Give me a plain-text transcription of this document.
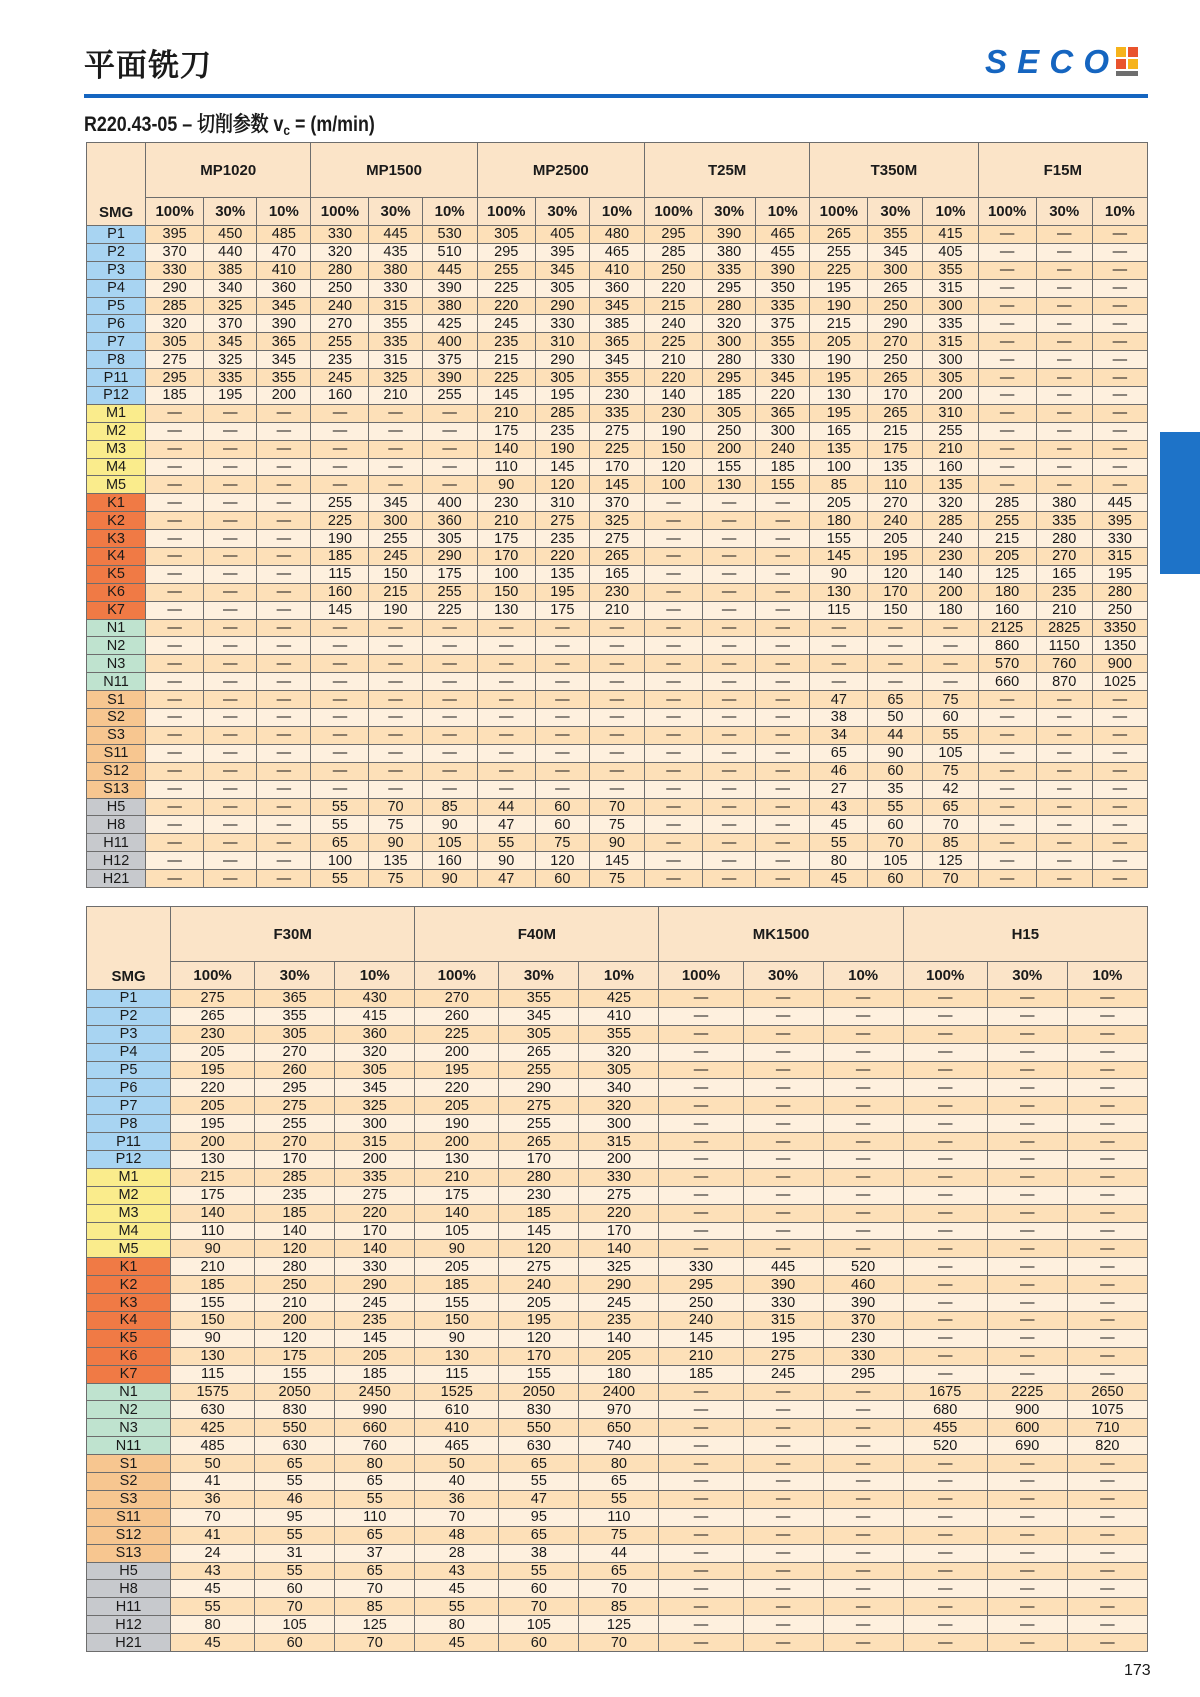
平面铣刀	SECO
R220.43-05 – 切削参数 $v_c = (m/\min)$
SMG	MP1020			MP1500			MP2500			T25M			T350M			F15M		
	100%	30%	10%	100%	30%	10%	100%	30%	10%	100%	30%	10%	100%	30%	10%	100%	30%	10%
P1	395	450	485	330	445	530	305	405	480	295	390	465	265	355	415	—	—	—
P2	370	440	470	320	435	510	295	395	465	285	380	455	255	345	405	—	—	—
P3	330	385	410	280	380	445	255	345	410	250	335	390	225	300	355	—	—	—
P4	290	340	360	250	330	390	225	305	360	220	295	350	195	265	315	—	—	—
P5	285	325	345	240	315	380	220	290	345	215	280	335	190	250	300	—	—	—
P6	320	370	390	270	355	425	245	330	385	240	320	375	215	290	335	—	—	—
P7	305	345	365	255	335	400	235	310	365	225	300	355	205	270	315	—	—	—
P8	275	325	345	235	315	375	215	290	345	210	280	330	190	250	300	—	—	—
P11	295	335	355	245	325	390	225	305	355	220	295	345	195	265	305	—	—	—
P12	185	195	200	160	210	255	145	195	230	140	185	220	130	170	200	—	—	—
M1	—	—	—	—	—	—	210	285	335	230	305	365	195	265	310	—	—	—
M2	—	—	—	—	—	—	175	235	275	190	250	300	165	215	255	—	—	—
M3	—	—	—	—	—	—	140	190	225	150	200	240	135	175	210	—	—	—
M4	—	—	—	—	—	—	110	145	170	120	155	185	100	135	160	—	—	—
M5	—	—	—	—	—	—	90	120	145	100	130	155	85	110	135	—	—	—
K1	—	—	—	255	345	400	230	310	370	—	—	—	205	270	320	285	380	445
K2	—	—	—	225	300	360	210	275	325	—	—	—	180	240	285	255	335	395
K3	—	—	—	190	255	305	175	235	275	—	—	—	155	205	240	215	280	330
K4	—	—	—	185	245	290	170	220	265	—	—	—	145	195	230	205	270	315
K5	—	—	—	115	150	175	100	135	165	—	—	—	90	120	140	125	165	195
K6	—	—	—	160	215	255	150	195	230	—	—	—	130	170	200	180	235	280
K7	—	—	—	145	190	225	130	175	210	—	—	—	115	150	180	160	210	250
N1	—	—	—	—	—	—	—	—	—	—	—	—	—	—	—	2125	2825	3350
N2	—	—	—	—	—	—	—	—	—	—	—	—	—	—	—	860	1150	1350
N3	—	—	—	—	—	—	—	—	—	—	—	—	—	—	—	570	760	900
N11	—	—	—	—	—	—	—	—	—	—	—	—	—	—	—	660	870	1025
S1	—	—	—	—	—	—	—	—	—	—	—	—	47	65	75	—	—	—
S2	—	—	—	—	—	—	—	—	—	—	—	—	38	50	60	—	—	—
S3	—	—	—	—	—	—	—	—	—	—	—	—	34	44	55	—	—	—
S11	—	—	—	—	—	—	—	—	—	—	—	—	65	90	105	—	—	—
S12	—	—	—	—	—	—	—	—	—	—	—	—	46	60	75	—	—	—
S13	—	—	—	—	—	—	—	—	—	—	—	—	27	35	42	—	—	—
H5	—	—	—	55	70	85	44	60	70	—	—	—	43	55	65	—	—	—
H8	—	—	—	55	75	90	47	60	75	—	—	—	45	60	70	—	—	—
H11	—	—	—	65	90	105	55	75	90	—	—	—	55	70	85	—	—	—
H12	—	—	—	100	135	160	90	120	145	—	—	—	80	105	125	—	—	—
H21	—	—	—	55	75	90	47	60	75	—	—	—	45	60	70	—	—	—
SMG	F30M			F40M			MK1500			H15		
	100%	30%	10%	100%	30%	10%	100%	30%	10%	100%	30%	10%
P1	275	365	430	270	355	425	—	—	—	—	—	—
P2	265	355	415	260	345	410	—	—	—	—	—	—
P3	230	305	360	225	305	355	—	—	—	—	—	—
P4	205	270	320	200	265	320	—	—	—	—	—	—
P5	195	260	305	195	255	305	—	—	—	—	—	—
P6	220	295	345	220	290	340	—	—	—	—	—	—
P7	205	275	325	205	275	320	—	—	—	—	—	—
P8	195	255	300	190	255	300	—	—	—	—	—	—
P11	200	270	315	200	265	315	—	—	—	—	—	—
P12	130	170	200	130	170	200	—	—	—	—	—	—
M1	215	285	335	210	280	330	—	—	—	—	—	—
M2	175	235	275	175	230	275	—	—	—	—	—	—
M3	140	185	220	140	185	220	—	—	—	—	—	—
M4	110	140	170	105	145	170	—	—	—	—	—	—
M5	90	120	140	90	120	140	—	—	—	—	—	—
K1	210	280	330	205	275	325	330	445	520	—	—	—
K2	185	250	290	185	240	290	295	390	460	—	—	—
K3	155	210	245	155	205	245	250	330	390	—	—	—
K4	150	200	235	150	195	235	240	315	370	—	—	—
K5	90	120	145	90	120	140	145	195	230	—	—	—
K6	130	175	205	130	170	205	210	275	330	—	—	—
K7	115	155	185	115	155	180	185	245	295	—	—	—
N1	1575	2050	2450	1525	2050	2400	—	—	—	1675	2225	2650
N2	630	830	990	610	830	970	—	—	—	680	900	1075
N3	425	550	660	410	550	650	—	—	—	455	600	710
N11	485	630	760	465	630	740	—	—	—	520	690	820
S1	50	65	80	50	65	80	—	—	—	—	—	—
S2	41	55	65	40	55	65	—	—	—	—	—	—
S3	36	46	55	36	47	55	—	—	—	—	—	—
S11	70	95	110	70	95	110	—	—	—	—	—	—
S12	41	55	65	48	65	75	—	—	—	—	—	—
S13	24	31	37	28	38	44	—	—	—	—	—	—
H5	43	55	65	43	55	65	—	—	—	—	—	—
H8	45	60	70	45	60	70	—	—	—	—	—	—
H11	55	70	85	55	70	85	—	—	—	—	—	—
H12	80	105	125	80	105	125	—	—	—	—	—	—
H21	45	60	70	45	60	70	—	—	—	—	—	—
173
